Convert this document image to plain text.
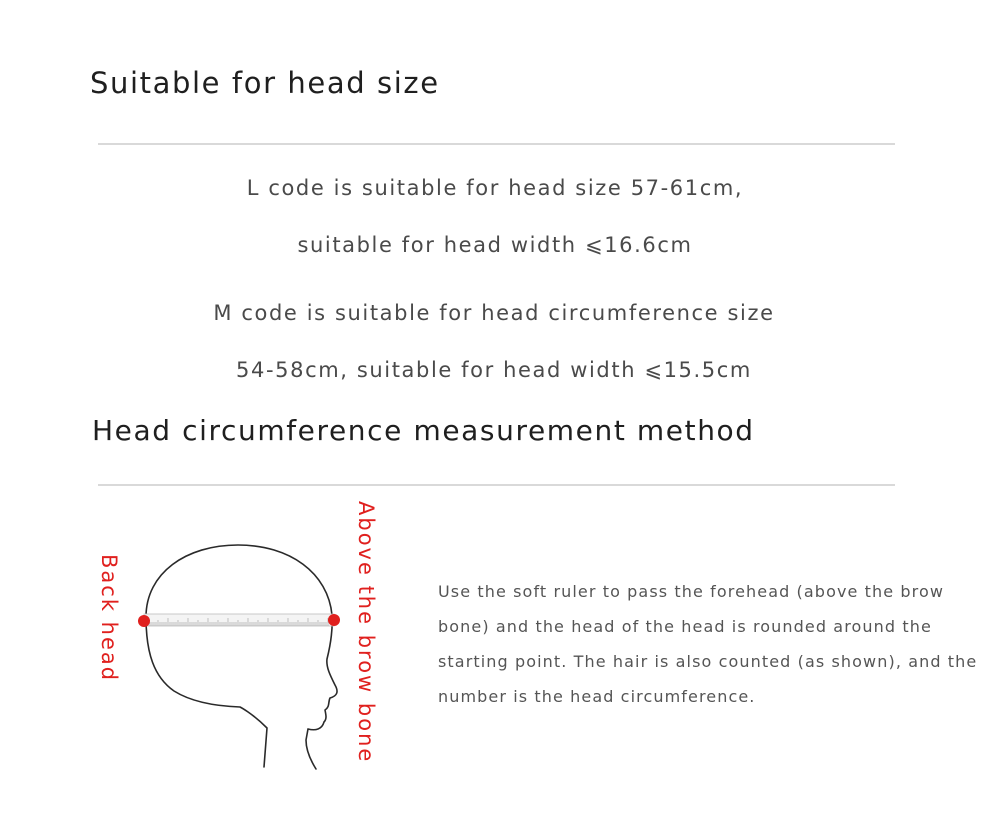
Suitable for head size

L code is suitable for head size 57-61cm,

suitable for head width ⩽16.6cm

M code is suitable for head circumference size

54-58cm, suitable for head width ⩽15.5cm

Head circumference measurement method
Back head	Above the brow bone	Use the soft ruler to pass the forehead (above the brow bone) and the head of the head is rounded around the starting point. The hair is also counted (as shown), and the number is the head circumference.
